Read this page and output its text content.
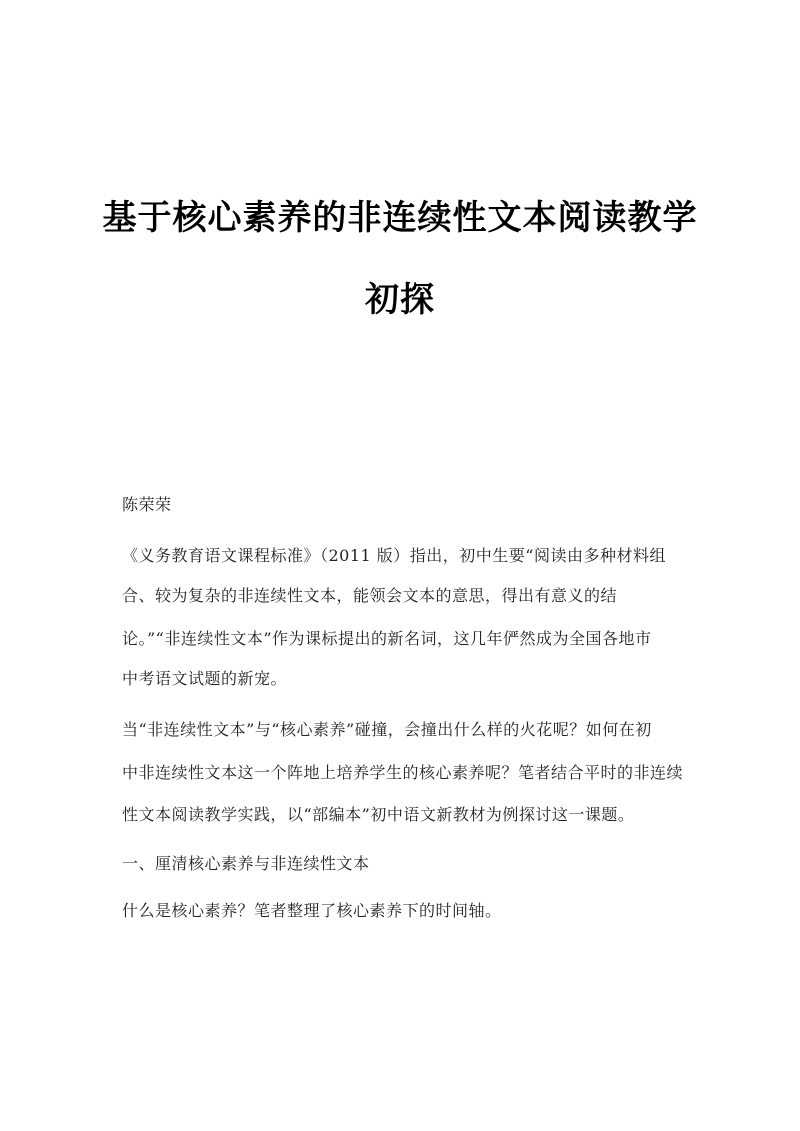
基于核心素养的非连续性文本阅读教学
初探
陈荣荣
《义务教育语文课程标准》（2011 版）指出，初中生要“阅读由多种材料组
合、较为复杂的非连续性文本，能领会文本的意思，得出有意义的结
论。”“非连续性文本”作为课标提出的新名词，这几年俨然成为全国各地市
中考语文试题的新宠。
当“非连续性文本”与“核心素养”碰撞，会撞出什么样的火花呢？如何在初
中非连续性文本这一个阵地上培养学生的核心素养呢？笔者结合平时的非连续
性文本阅读教学实践，以“部编本”初中语文新教材为例探讨这一课题。
一、厘清核心素养与非连续性文本
什么是核心素养？笔者整理了核心素养下的时间轴。
